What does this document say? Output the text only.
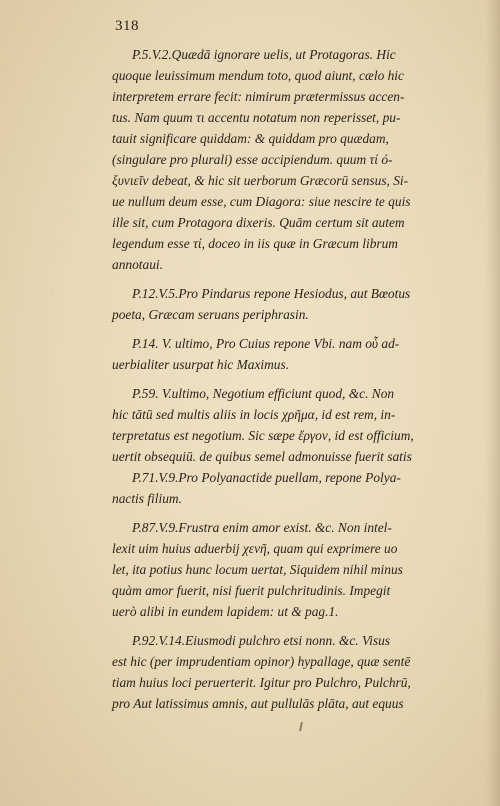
318
P.5.V.2.Quædā ignorare uelis, ut Protagoras. Hic
quoque leuissimum mendum toto, quod aiunt, cælo hic
interpretem errare fecit: nimirum prætermissus accen-
tus. Nam quum τι accentu notatum non reperisset, pu-
tauit significare quiddam: & quiddam pro quædam,
(singulare pro plurali) esse accipiendum. quum τί ό-
ξυνιεῖν debeat, & hic sit uerborum Græcorū sensus, Si-
ue nullum deum esse, cum Diagora: siue nescire te quis
ille sit, cum Protagora dixeris. Quām certum sit autem
legendum esse τί, doceo in iis quæ in Græcum librum
annotaui.
P.12.V.5.Pro Pindarus repone Hesiodus, aut Bœotus
poeta, Græcam seruans periphrasin.
P.14. V. ultimo, Pro Cuius repone Vbi. nam οὗ ad-
uerbialiter usurpat hic Maximus.
P.59. V.ultimo, Negotium efficiunt quod, &c. Non
hic tātū sed multis aliis in locis χρῆμα, id est rem, in-
terpretatus est negotium. Sic sæpe ἔργον, id est officium,
uertit obsequiū. de quibus semel admonuisse fuerit satis
P.71.V.9.Pro Polyanactide puellam, repone Polya-
nactis filium.
P.87.V.9.Frustra enim amor exist. &c. Non intel-
lexit uim huius aduerbij χενῆ, quam qui exprimere uo
let, ita potius hunc locum uertat, Siquidem nihil minus
quàm amor fuerit, nisi fuerit pulchritudinis. Impegit
uerò alibi in eundem lapidem: ut & pag.1.
P.92.V.14.Eiusmodi pulchro etsi nonn. &c. Visus
est hic (per imprudentiam opinor) hypallage, quæ sentē
tiam huius loci peruerterit. Igitur pro Pulchro, Pulchrū,
pro Aut latissimus amnis, aut pullulās plāta, aut equus
